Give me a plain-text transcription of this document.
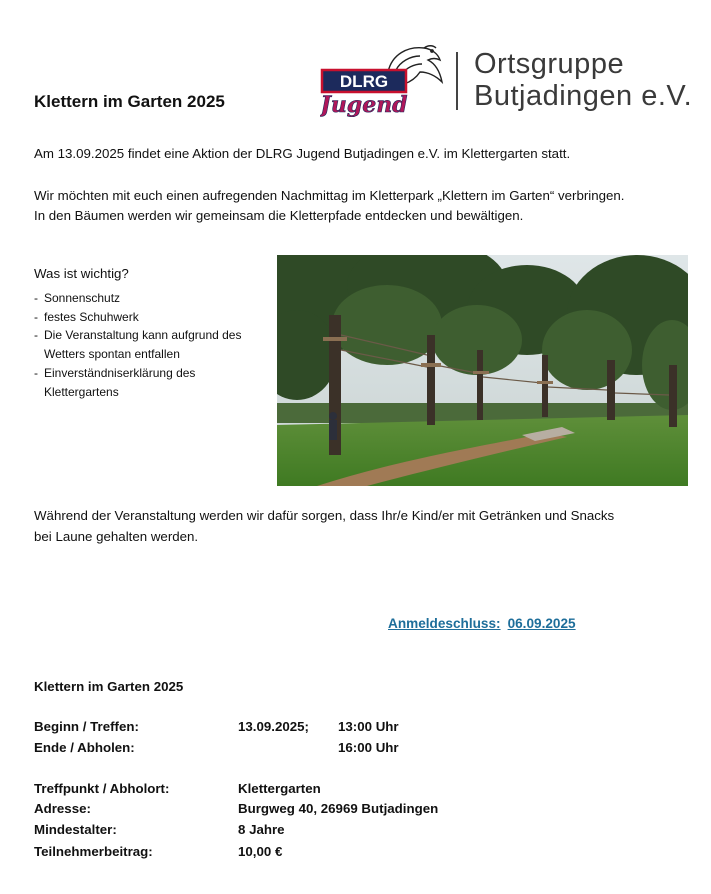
Klettern im Garten 2025
DLRG
Jugend
Ortsgruppe
Butjadingen e.V.
Am 13.09.2025 findet eine Aktion der DLRG Jugend Butjadingen e.V. im Klettergarten statt.
Wir möchten mit euch einen aufregenden Nachmittag im Kletterpark „Klettern im Garten“ verbringen. In den Bäumen werden wir gemeinsam die Kletterpfade entdecken und bewältigen.
Was ist wichtig?
- Sonnenschutz
- festes Schuhwerk
- Die Veranstaltung kann aufgrund des Wetters spontan entfallen
- Einverständniserklärung des Klettergartens
Während der Veranstaltung werden wir dafür sorgen, dass Ihr/e Kind/er mit Getränken und Snacks bei Laune gehalten werden.
Anmeldeschluss: 06.09.2025
Klettern im Garten 2025
Beginn / Treffen:	13.09.2025; 13:00 Uhr
Ende / Abholen:	16:00 Uhr
Treffpunkt / Abholort:	Klettergarten
Adresse:	Burgweg 40, 26969 Butjadingen
Mindestalter:	8 Jahre
Teilnehmerbeitrag:	10,00 €
